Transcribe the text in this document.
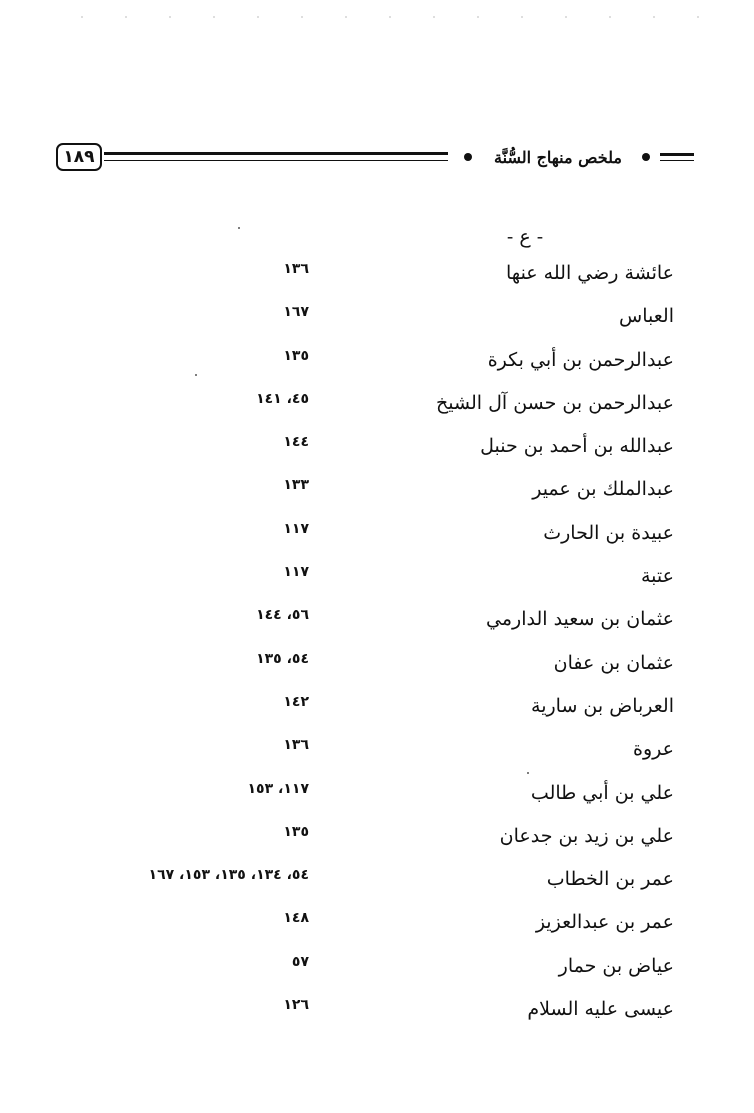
١٨٩	ملخص منهاج السُّنَّة
- ع -
عائشة رضي الله عنها
١٣٦
العباس
١٦٧
عبدالرحمن بن أبي بكرة
١٣٥
عبدالرحمن بن حسن آل الشيخ
٤٥، ١٤١
عبدالله بن أحمد بن حنبل
١٤٤
عبدالملك بن عمير
١٣٣
عبيدة بن الحارث
١١٧
عتبة
١١٧
عثمان بن سعيد الدارمي
٥٦، ١٤٤
عثمان بن عفان
٥٤، ١٣٥
العرباض بن سارية
١٤٢
عروة
١٣٦
علي بن أبي طالب
١١٧، ١٥٣
علي بن زيد بن جدعان
١٣٥
عمر بن الخطاب
٥٤، ١٣٤، ١٣٥، ١٥٣، ١٦٧
عمر بن عبدالعزيز
١٤٨
عياض بن حمار
٥٧
عيسى عليه السلام
١٢٦
